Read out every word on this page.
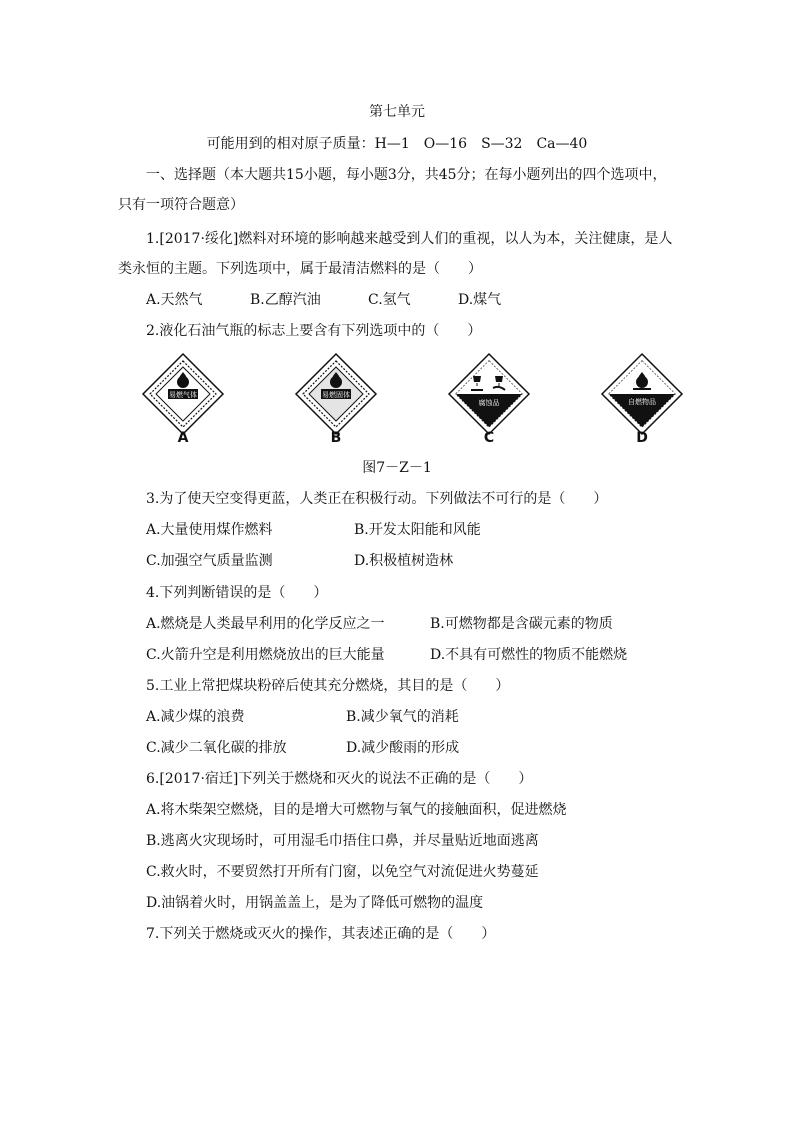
第七单元
可能用到的相对原子质量：H—1　O—16　S—32　Ca—40
一、选择题（本大题共15小题，每小题3分，共45分；在每小题列出的四个选项中，
只有一项符合题意）
1.[2017·绥化]燃料对环境的影响越来越受到人们的重视，以人为本，关注健康，是人
类永恒的主题。下列选项中，属于最清洁燃料的是（　　）
A.天然气	B.乙醇汽油	C.氢气	D.煤气
2.液化石油气瓶的标志上要含有下列选项中的（　　）
易燃气体
A
易燃固体
B
腐蚀品
C
自燃物品
D
图7－Z－1
3.为了使天空变得更蓝，人类正在积极行动。下列做法不可行的是（　　）
A.大量使用煤作燃料	B.开发太阳能和风能
C.加强空气质量监测	D.积极植树造林
4.下列判断错误的是（　　）
A.燃烧是人类最早利用的化学反应之一	B.可燃物都是含碳元素的物质
C.火箭升空是利用燃烧放出的巨大能量	D.不具有可燃性的物质不能燃烧
5.工业上常把煤块粉碎后使其充分燃烧，其目的是（　　）
A.减少煤的浪费	B.减少氧气的消耗
C.减少二氧化碳的排放	D.减少酸雨的形成
6.[2017·宿迁]下列关于燃烧和灭火的说法不正确的是（　　）
A.将木柴架空燃烧，目的是增大可燃物与氧气的接触面积，促进燃烧
B.逃离火灾现场时，可用湿毛巾捂住口鼻，并尽量贴近地面逃离
C.救火时，不要贸然打开所有门窗，以免空气对流促进火势蔓延
D.油锅着火时，用锅盖盖上，是为了降低可燃物的温度
7.下列关于燃烧或灭火的操作，其表述正确的是（　　）
